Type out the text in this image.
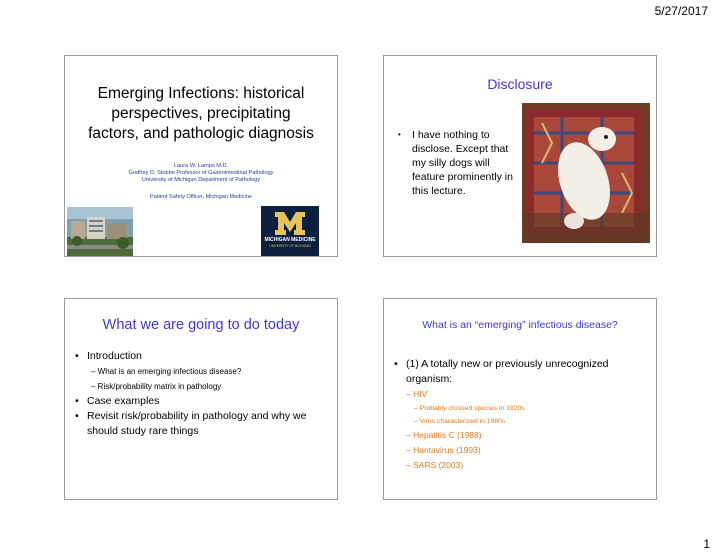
5/27/2017
Emerging Infections: historical
perspectives, precipitating
factors, and pathologic diagnosis
Laura W. Lamps M.D.
Godfrey D. Stobbe Professor of Gastrointestinal Pathology
University of Michigan Department of Pathology
Patient Safety Officer, Michigan Medicine
MICHIGAN MEDICINE
UNIVERSITY OF MICHIGAN
Disclosure
• I have nothing to disclose. Except that my silly dogs will feature prominently in this lecture.
What we are going to do today
• Introduction
– What is an emerging infectious disease?
– Risk/probability matrix in pathology
• Case examples
• Revisit risk/probability in pathology and why we should study rare things
What is an “emerging” infectious disease?
• (1) A totally new or previously unrecognized organism:
– HIV
– Probably crossed species in 1920s
– Virus characterized in 1980s
– Hepatitis C (1988)
– Hantavirus (1993)
– SARS (2003)
1
